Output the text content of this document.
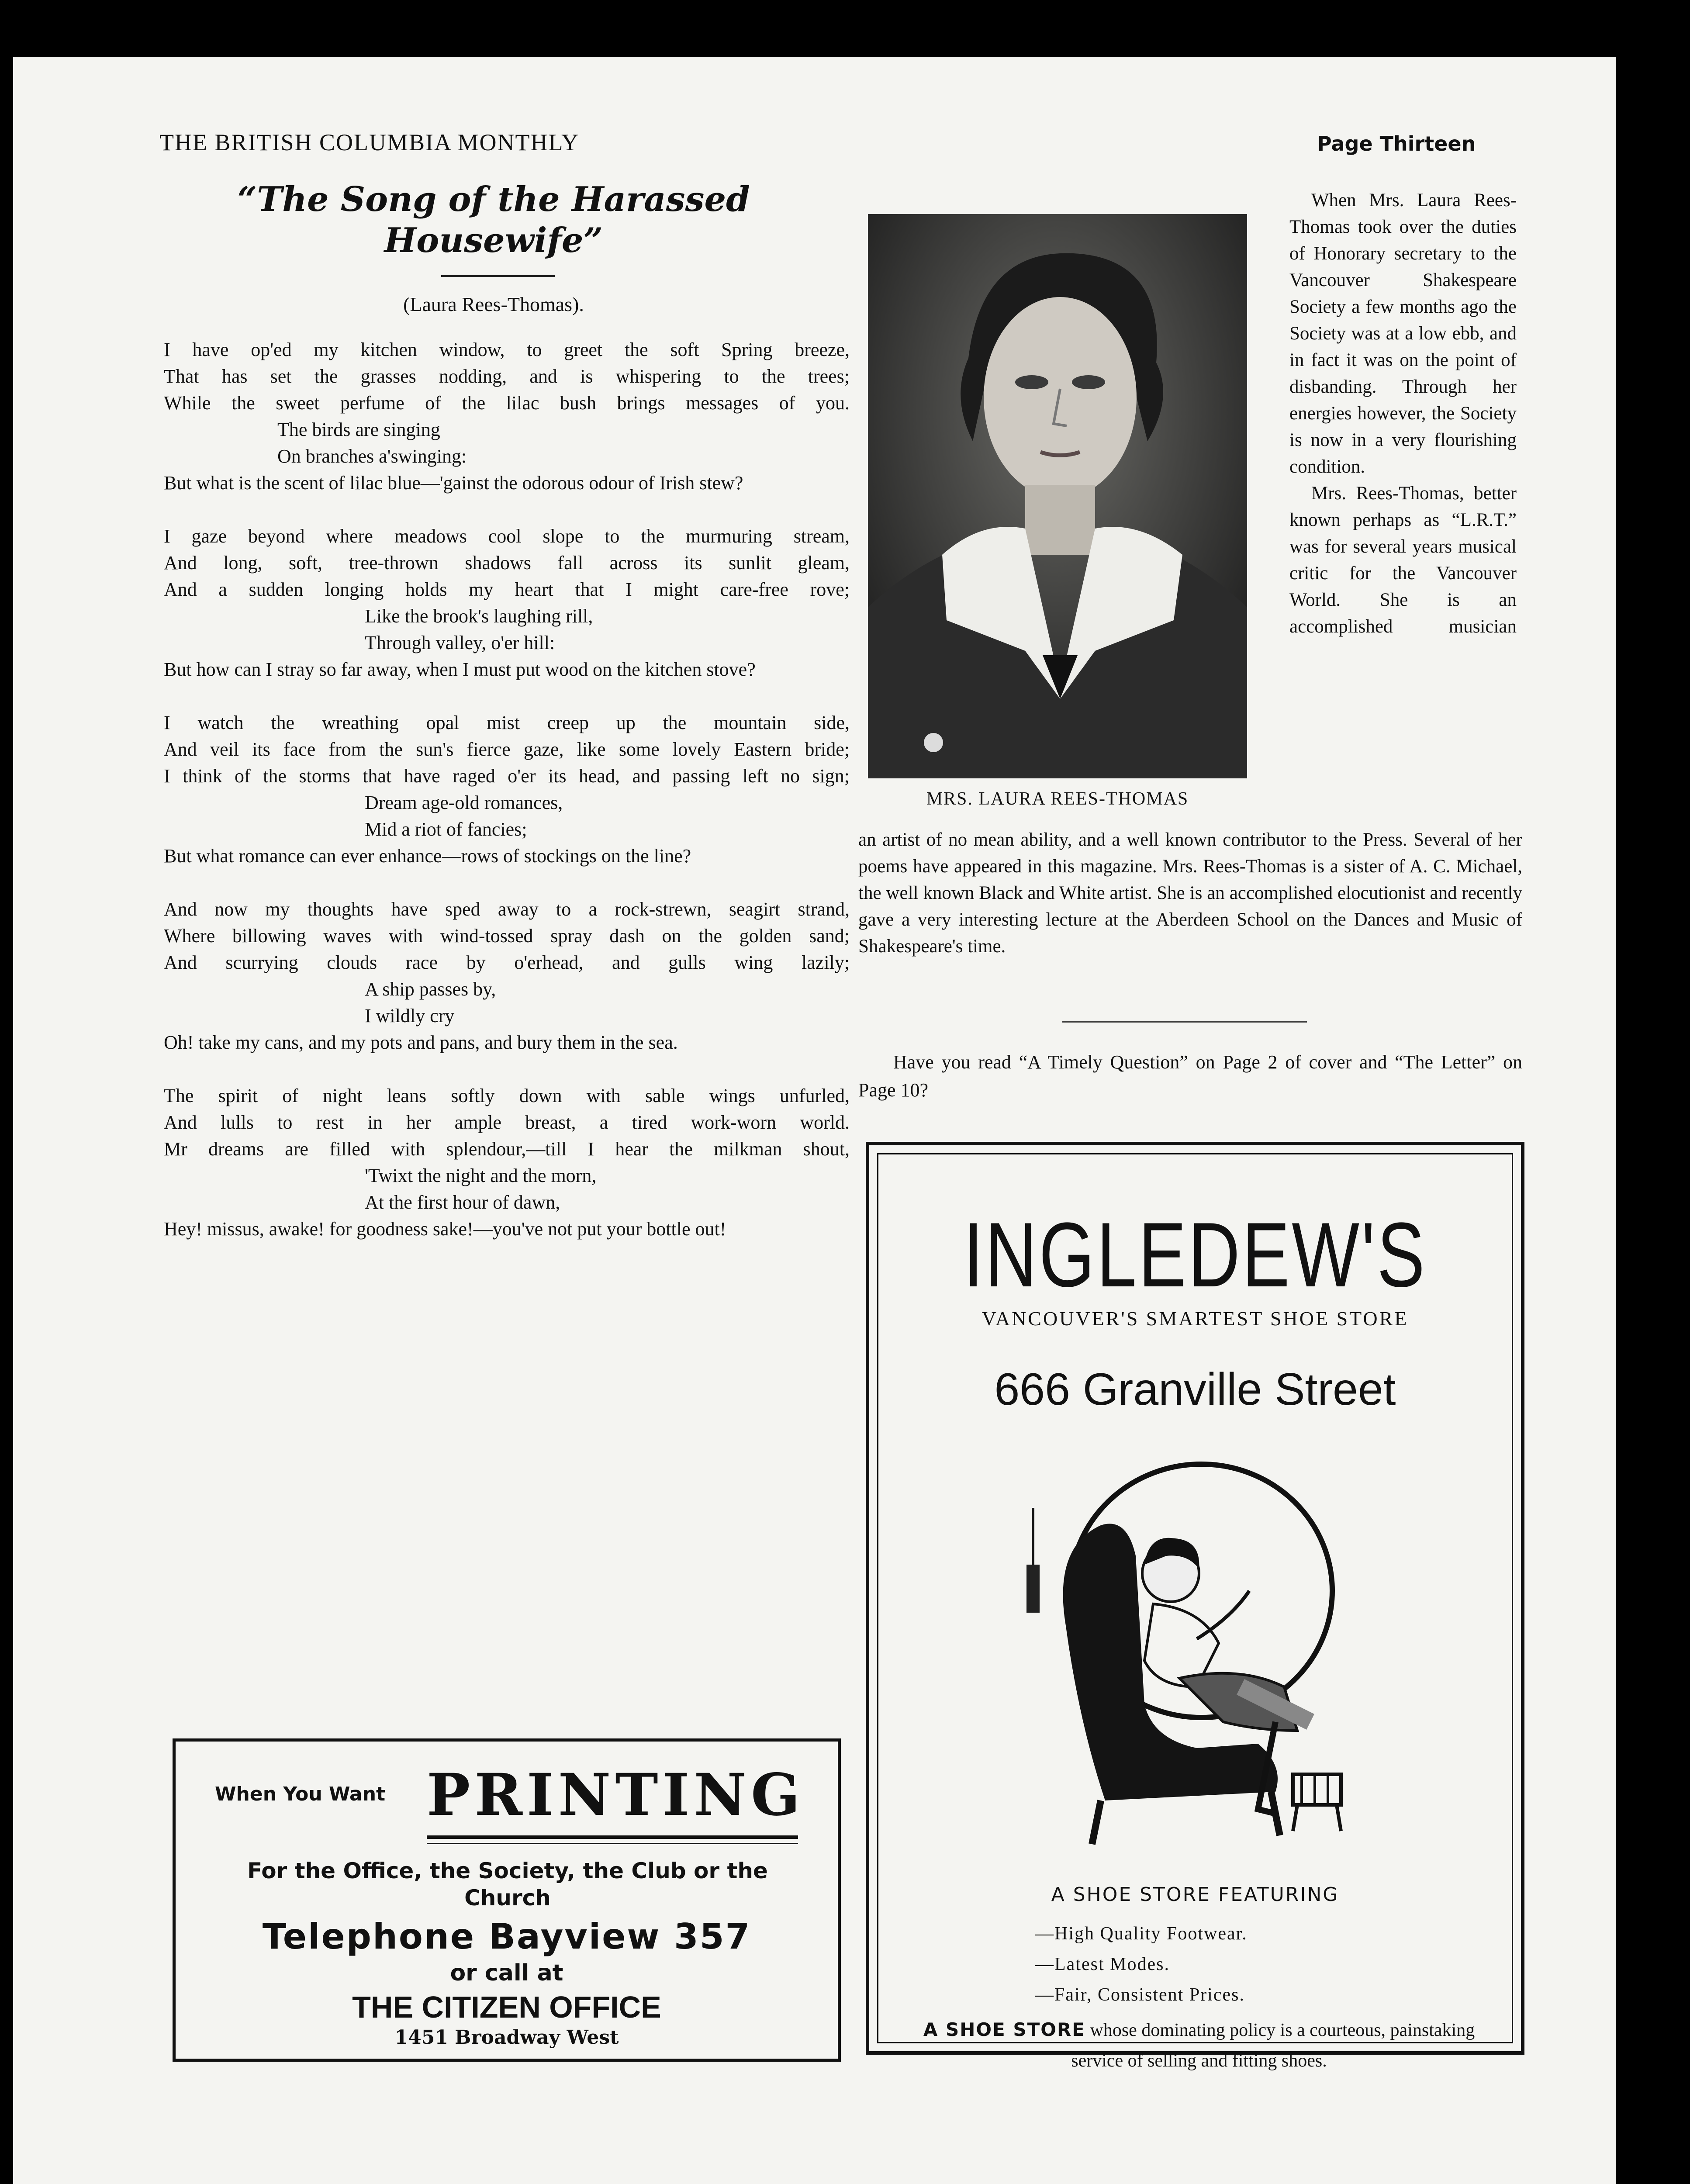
THE BRITISH COLUMBIA MONTHLY	Page Thirteen
“The Song of the Harassed
Housewife”
(Laura Rees-Thomas).
I have op'ed my kitchen window, to greet the soft Spring breeze,
That has set the grasses nodding, and is whispering to the trees;
While the sweet perfume of the lilac bush brings messages of you.
The birds are singing
On branches a'swinging:
But what is the scent of lilac blue—'gainst the odorous odour of Irish stew?
I gaze beyond where meadows cool slope to the murmuring stream,
And long, soft, tree-thrown shadows fall across its sunlit gleam,
And a sudden longing holds my heart that I might care-free rove;
Like the brook's laughing rill,
Through valley, o'er hill:
But how can I stray so far away, when I must put wood on the kitchen stove?
I watch the wreathing opal mist creep up the mountain side,
And veil its face from the sun's fierce gaze, like some lovely Eastern bride;
I think of the storms that have raged o'er its head, and passing left no sign;
Dream age-old romances,
Mid a riot of fancies;
But what romance can ever enhance—rows of stockings on the line?
And now my thoughts have sped away to a rock-strewn, seagirt strand,
Where billowing waves with wind-tossed spray dash on the golden sand;
And scurrying clouds race by o'erhead, and gulls wing lazily;
A ship passes by,
I wildly cry
Oh! take my cans, and my pots and pans, and bury them in the sea.
The spirit of night leans softly down with sable wings unfurled,
And lulls to rest in her ample breast, a tired work-worn world.
Mr dreams are filled with splendour,—till I hear the milkman shout,
'Twixt the night and the morn,
At the first hour of dawn,
Hey! missus, awake! for goodness sake!—you've not put your bottle out!
MRS. LAURA REES-THOMAS
When Mrs. Laura Rees-Thomas took over the duties of Honorary secretary to the Vancouver Shakespeare Society a few months ago the Society was at a low ebb, and in fact it was on the point of disbanding. Through her energies however, the Society is now in a very flourishing condition.
Mrs. Rees-Thomas, better known perhaps as “L.R.T.” was for several years musical critic for the Vancouver World. She is an accomplished musician
an artist of no mean ability, and a well known contributor to the Press. Several of her poems have appeared in this magazine. Mrs. Rees-Thomas is a sister of A. C. Michael, the well known Black and White artist. She is an accomplished elocutionist and recently gave a very interesting lecture at the Aberdeen School on the Dances and Music of Shakespeare's time.
Have you read “A Timely Question” on Page 2 of cover and “The Letter” on Page 10?
INGLEDEW'S
VANCOUVER'S SMARTEST SHOE STORE
666 Granville Street
A SHOE STORE FEATURING
—High Quality Footwear.
—Latest Modes.
—Fair, Consistent Prices.
A SHOE STORE whose dominating policy is a courteous, painstaking service of selling and fitting shoes.
When You Want PRINTING
For the Office, the Society, the Club or the Church
Telephone Bayview 357
or call at
THE CITIZEN OFFICE
1451 Broadway West
